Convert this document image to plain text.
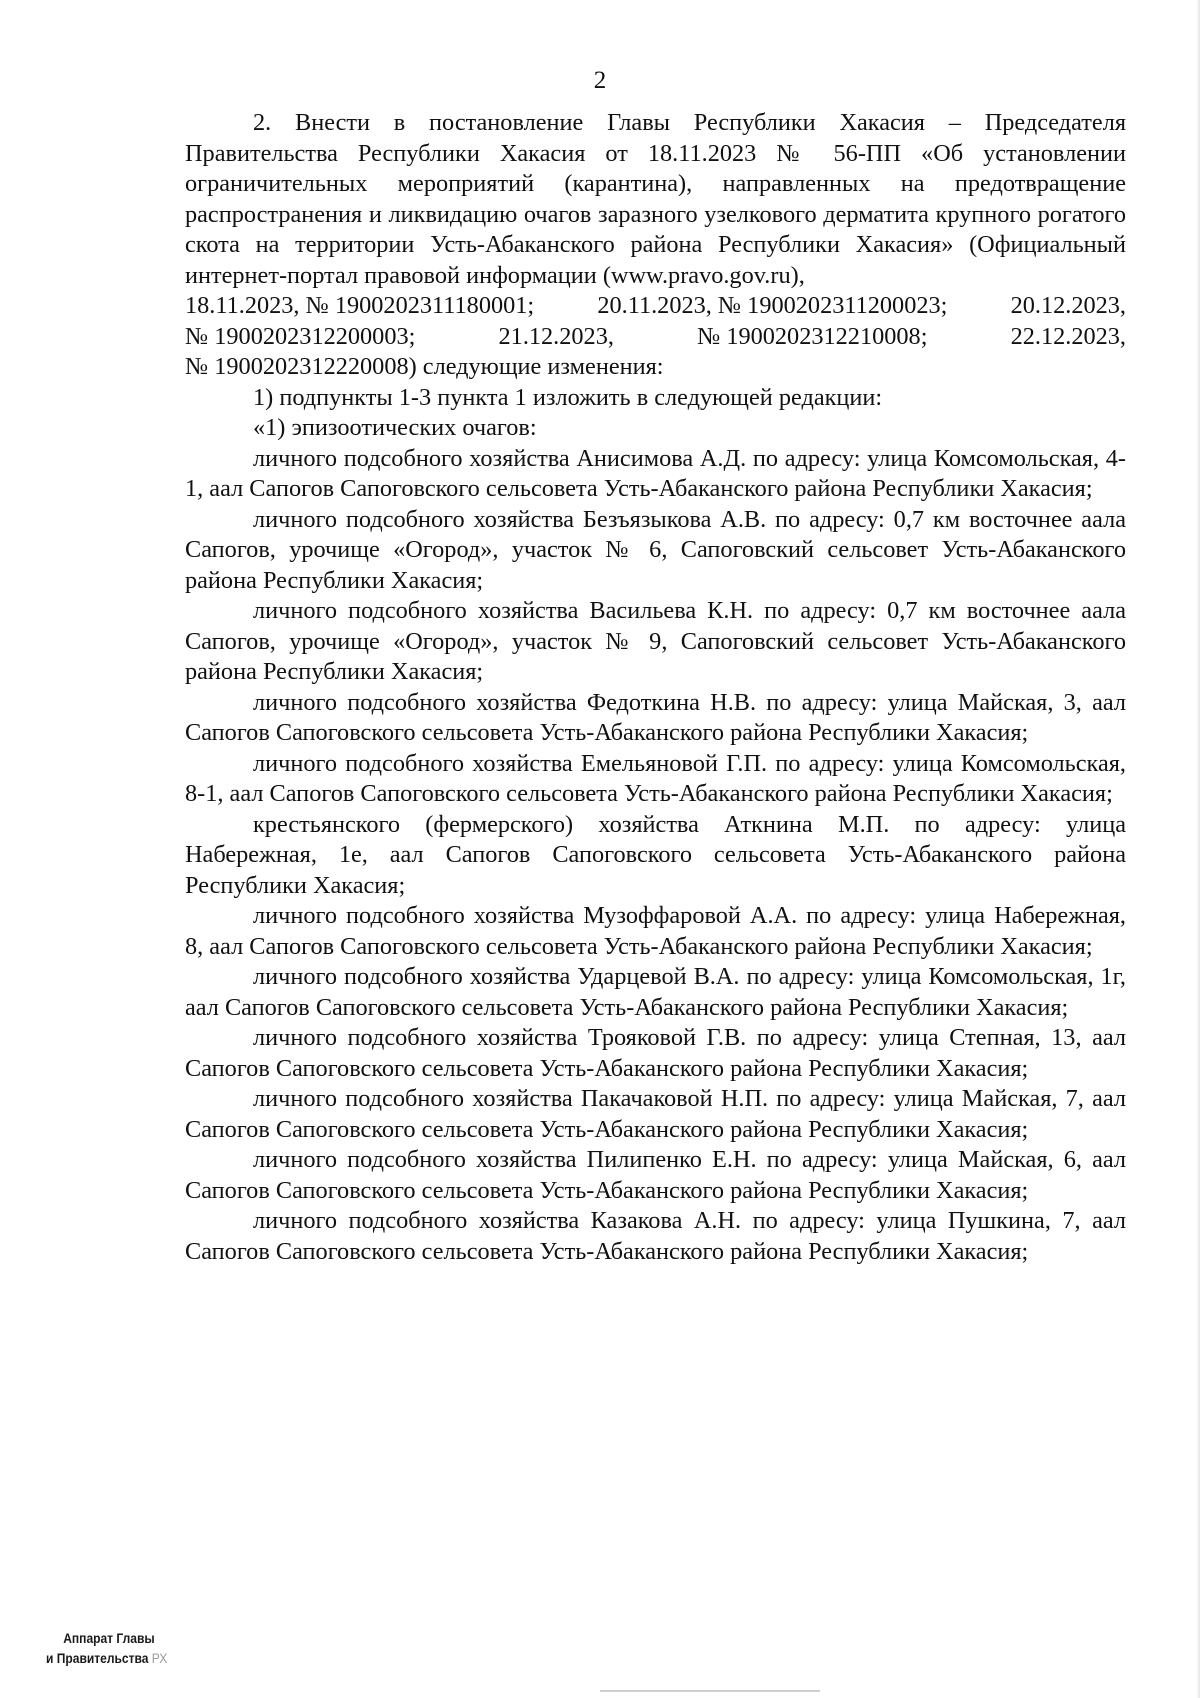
2

2. Внести в постановление Главы Республики Хакасия – Председателя Правительства Республики Хакасия от 18.11.2023 № 56-ПП «Об установлении ограничительных мероприятий (карантина), направленных на предотвращение распространения и ликвидацию очагов заразного узелкового дерматита крупного рогатого скота на территории Усть-Абаканского района Республики Хакасия» (Официальный интернет-портал правовой информации (www.pravo.gov.ru),

18.11.2023, № 1900202311180001;	20.11.2023, № 1900202311200023;	20.12.2023,
№ 1900202312200003;	21.12.2023,	№ 1900202312210008;	22.12.2023,
№ 1900202312220008) следующие изменения:

1) подпункты 1-3 пункта 1 изложить в следующей редакции:

«1) эпизоотических очагов:

личного подсобного хозяйства Анисимова А.Д. по адресу: улица Комсомольская, 4-1, аал Сапогов Сапоговского сельсовета Усть-Абаканского района Республики Хакасия;

личного подсобного хозяйства Безъязыкова А.В. по адресу: 0,7 км восточнее аала Сапогов, урочище «Огород», участок № 6, Сапоговский сельсовет Усть-Абаканского района Республики Хакасия;

личного подсобного хозяйства Васильева К.Н. по адресу: 0,7 км восточнее аала Сапогов, урочище «Огород», участок № 9, Сапоговский сельсовет Усть-Абаканского района Республики Хакасия;

личного подсобного хозяйства Федоткина Н.В. по адресу: улица Майская, 3, аал Сапогов Сапоговского сельсовета Усть-Абаканского района Республики Хакасия;

личного подсобного хозяйства Емельяновой Г.П. по адресу: улица Комсомольская, 8-1, аал Сапогов Сапоговского сельсовета Усть-Абаканского района Республики Хакасия;

крестьянского (фермерского) хозяйства Аткнина М.П. по адресу: улица Набережная, 1е, аал Сапогов Сапоговского сельсовета Усть-Абаканского района Республики Хакасия;

личного подсобного хозяйства Музоффаровой А.А. по адресу: улица Набережная, 8, аал Сапогов Сапоговского сельсовета Усть-Абаканского района Республики Хакасия;

личного подсобного хозяйства Ударцевой В.А. по адресу: улица Комсомольская, 1г, аал Сапогов Сапоговского сельсовета Усть-Абаканского района Республики Хакасия;

личного подсобного хозяйства Трояковой Г.В. по адресу: улица Степная, 13, аал Сапогов Сапоговского сельсовета Усть-Абаканского района Республики Хакасия;

личного подсобного хозяйства Пакачаковой Н.П. по адресу: улица Майская, 7, аал Сапогов Сапоговского сельсовета Усть-Абаканского района Республики Хакасия;

личного подсобного хозяйства Пилипенко Е.Н. по адресу: улица Майская, 6, аал Сапогов Сапоговского сельсовета Усть-Абаканского района Республики Хакасия;

личного подсобного хозяйства Казакова А.Н. по адресу: улица Пушкина, 7, аал Сапогов Сапоговского сельсовета Усть-Абаканского района Республики Хакасия;

Аппарат Главы
и Правительства РХ
